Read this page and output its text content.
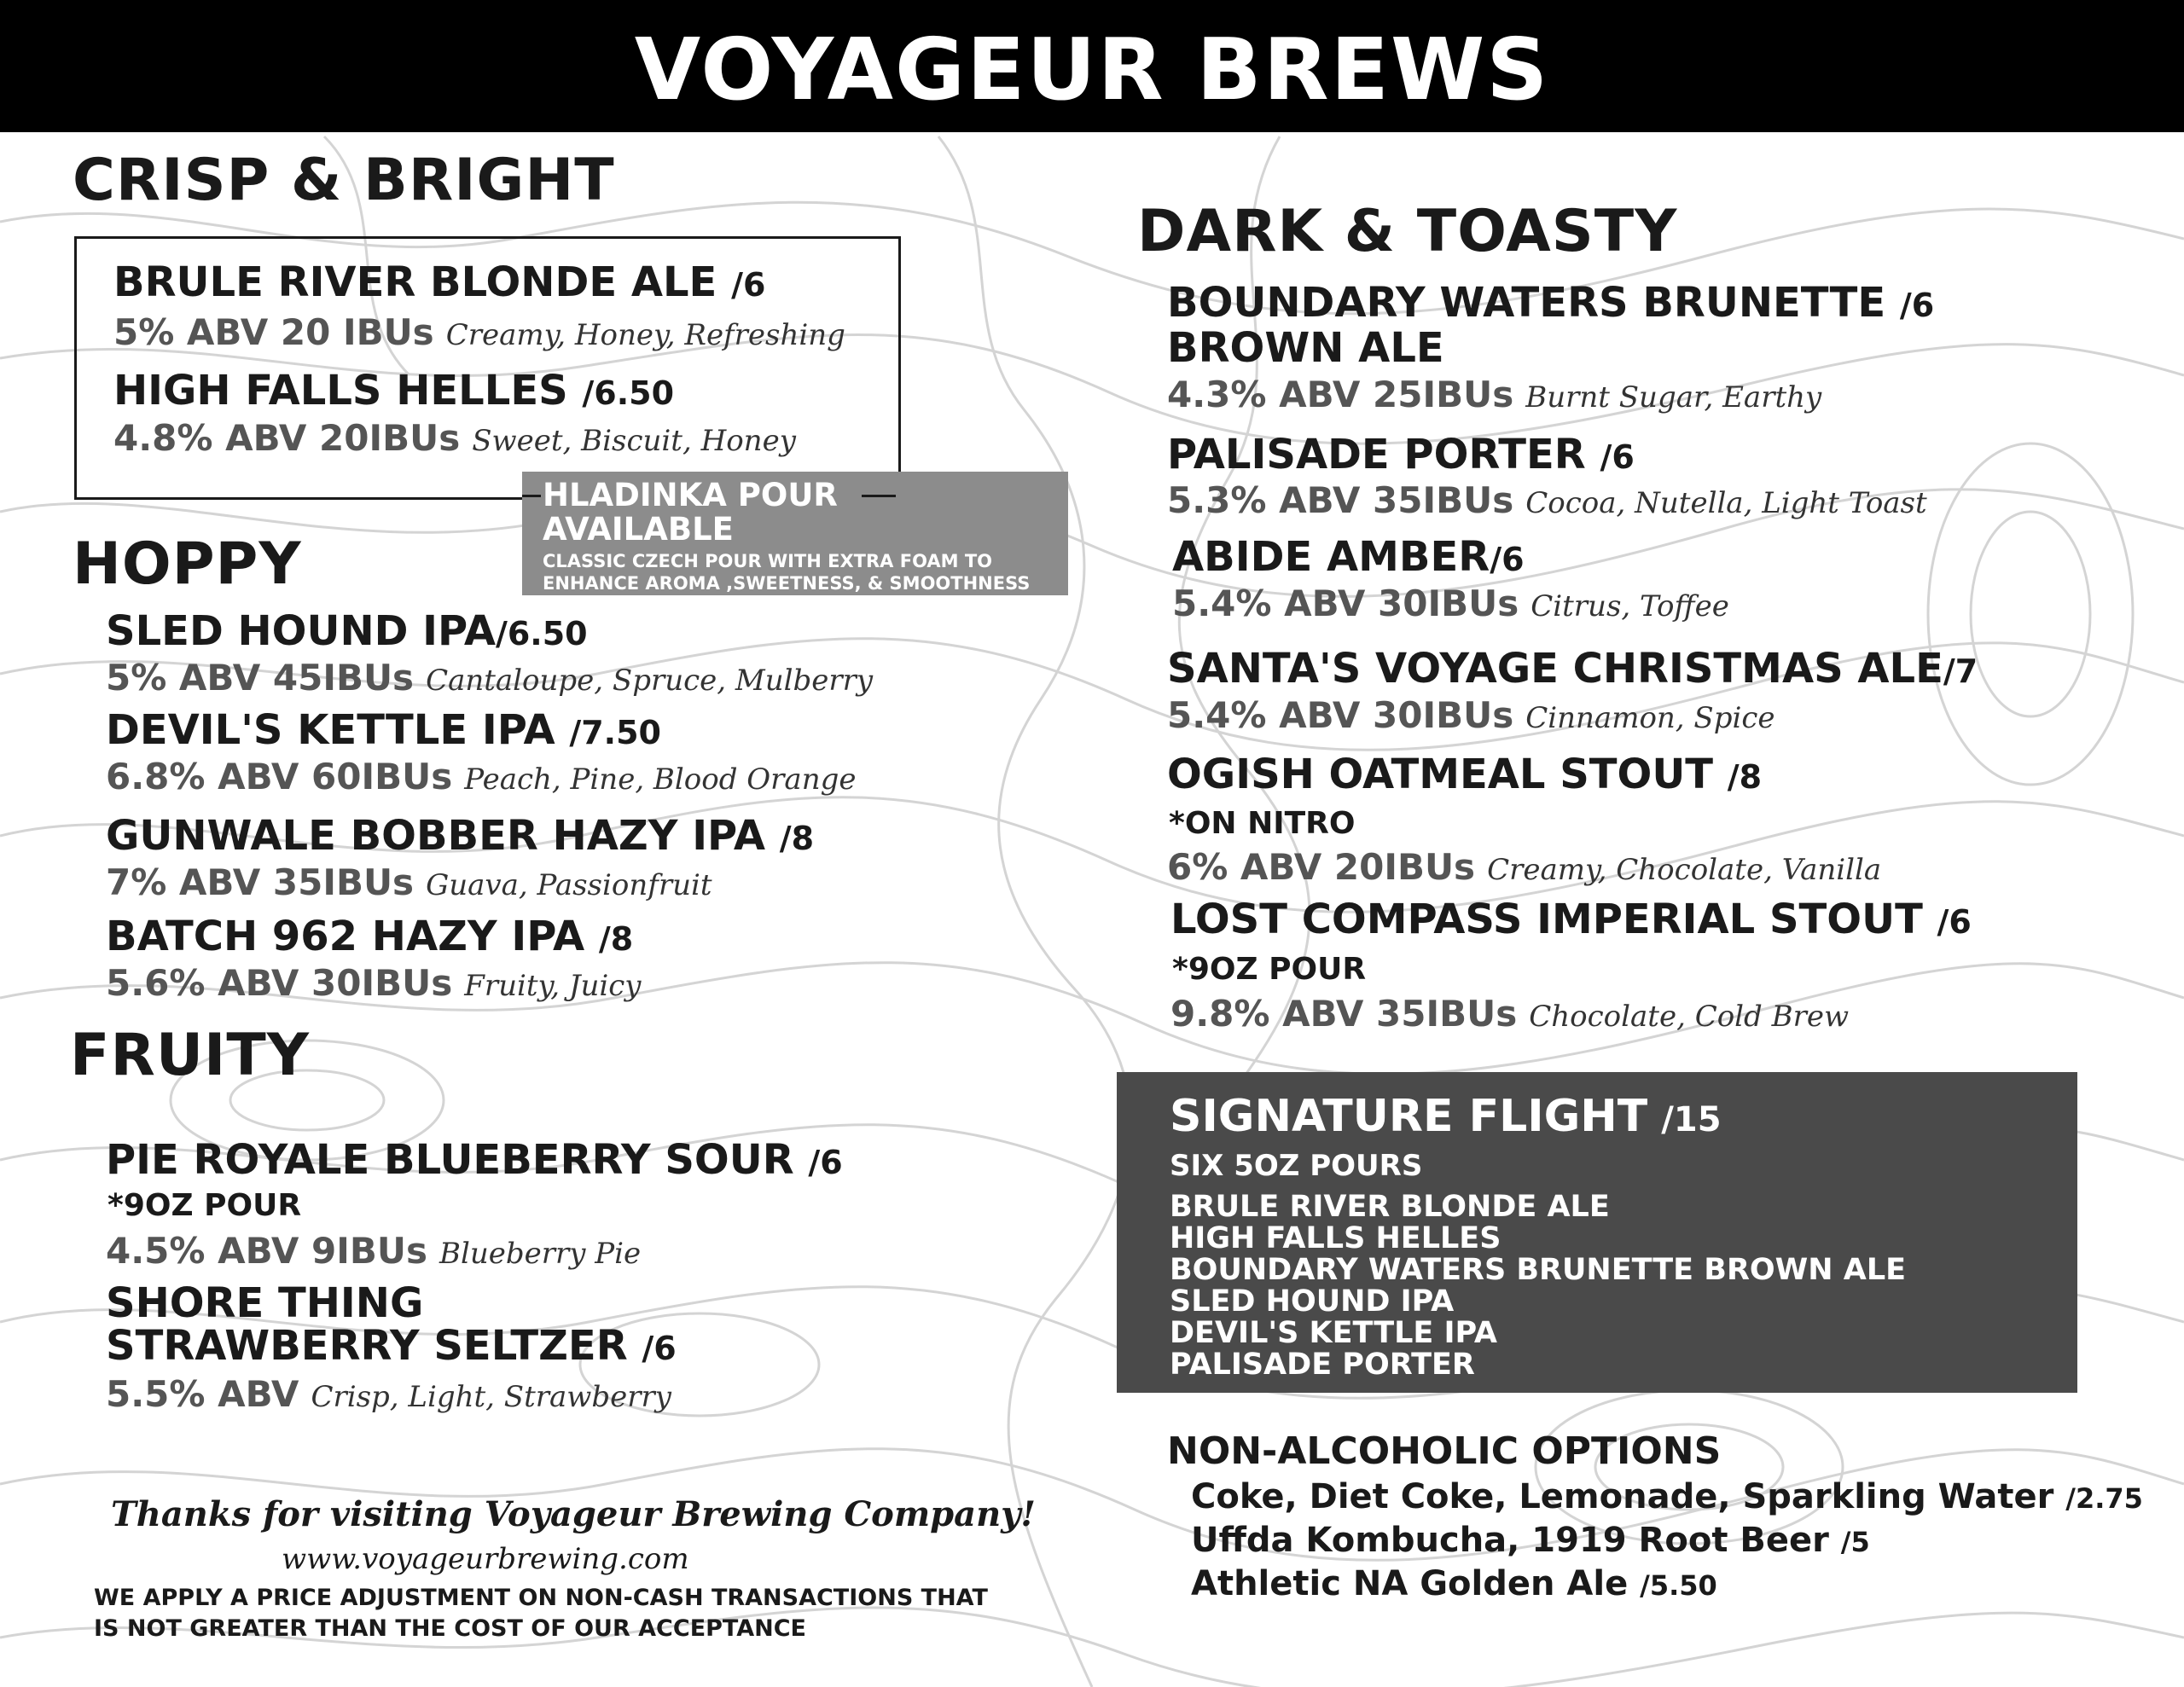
VOYAGEUR BREWS
CRISP & BRIGHT
BRULE RIVER BLONDE ALE /6
5% ABV 20 IBUs Creamy, Honey, Refreshing
HIGH FALLS HELLES /6.50
4.8% ABV 20IBUs Sweet, Biscuit, Honey
HLADINKA POUR
AVAILABLE
CLASSIC CZECH POUR WITH EXTRA FOAM TO
ENHANCE AROMA ,SWEETNESS, & SMOOTHNESS
HOPPY
SLED HOUND IPA/6.50
5% ABV 45IBUs Cantaloupe, Spruce, Mulberry
DEVIL'S KETTLE IPA /7.50
6.8% ABV 60IBUs Peach, Pine, Blood Orange
GUNWALE BOBBER HAZY IPA /8
7% ABV 35IBUs Guava, Passionfruit
BATCH 962 HAZY IPA /8
5.6% ABV 30IBUs Fruity, Juicy
FRUITY
PIE ROYALE BLUEBERRY SOUR /6
*9OZ POUR
4.5% ABV 9IBUs Blueberry Pie
SHORE THING
STRAWBERRY SELTZER /6
5.5% ABV Crisp, Light, Strawberry
DARK & TOASTY
BOUNDARY WATERS BRUNETTE /6
BROWN ALE
4.3% ABV 25IBUs Burnt Sugar, Earthy
PALISADE PORTER /6
5.3% ABV 35IBUs Cocoa, Nutella, Light Toast
ABIDE AMBER/6
5.4% ABV 30IBUs Citrus, Toffee
SANTA'S VOYAGE CHRISTMAS ALE/7
5.4% ABV 30IBUs Cinnamon, Spice
OGISH OATMEAL STOUT /8
*ON NITRO
6% ABV 20IBUs Creamy, Chocolate, Vanilla
LOST COMPASS IMPERIAL STOUT /6
*9OZ POUR
9.8% ABV 35IBUs Chocolate, Cold Brew
SIGNATURE FLIGHT /15
SIX 5OZ POURS
BRULE RIVER BLONDE ALE
HIGH FALLS HELLES
BOUNDARY WATERS BRUNETTE BROWN ALE
SLED HOUND IPA
DEVIL'S KETTLE IPA
PALISADE PORTER
NON-ALCOHOLIC OPTIONS
Coke, Diet Coke, Lemonade, Sparkling Water /2.75
Uffda Kombucha, 1919 Root Beer /5
Athletic NA Golden Ale /5.50
Thanks for visiting Voyageur Brewing Company!
www.voyageurbrewing.com
WE APPLY A PRICE ADJUSTMENT ON NON-CASH TRANSACTIONS THAT
IS NOT GREATER THAN THE COST OF OUR ACCEPTANCE
